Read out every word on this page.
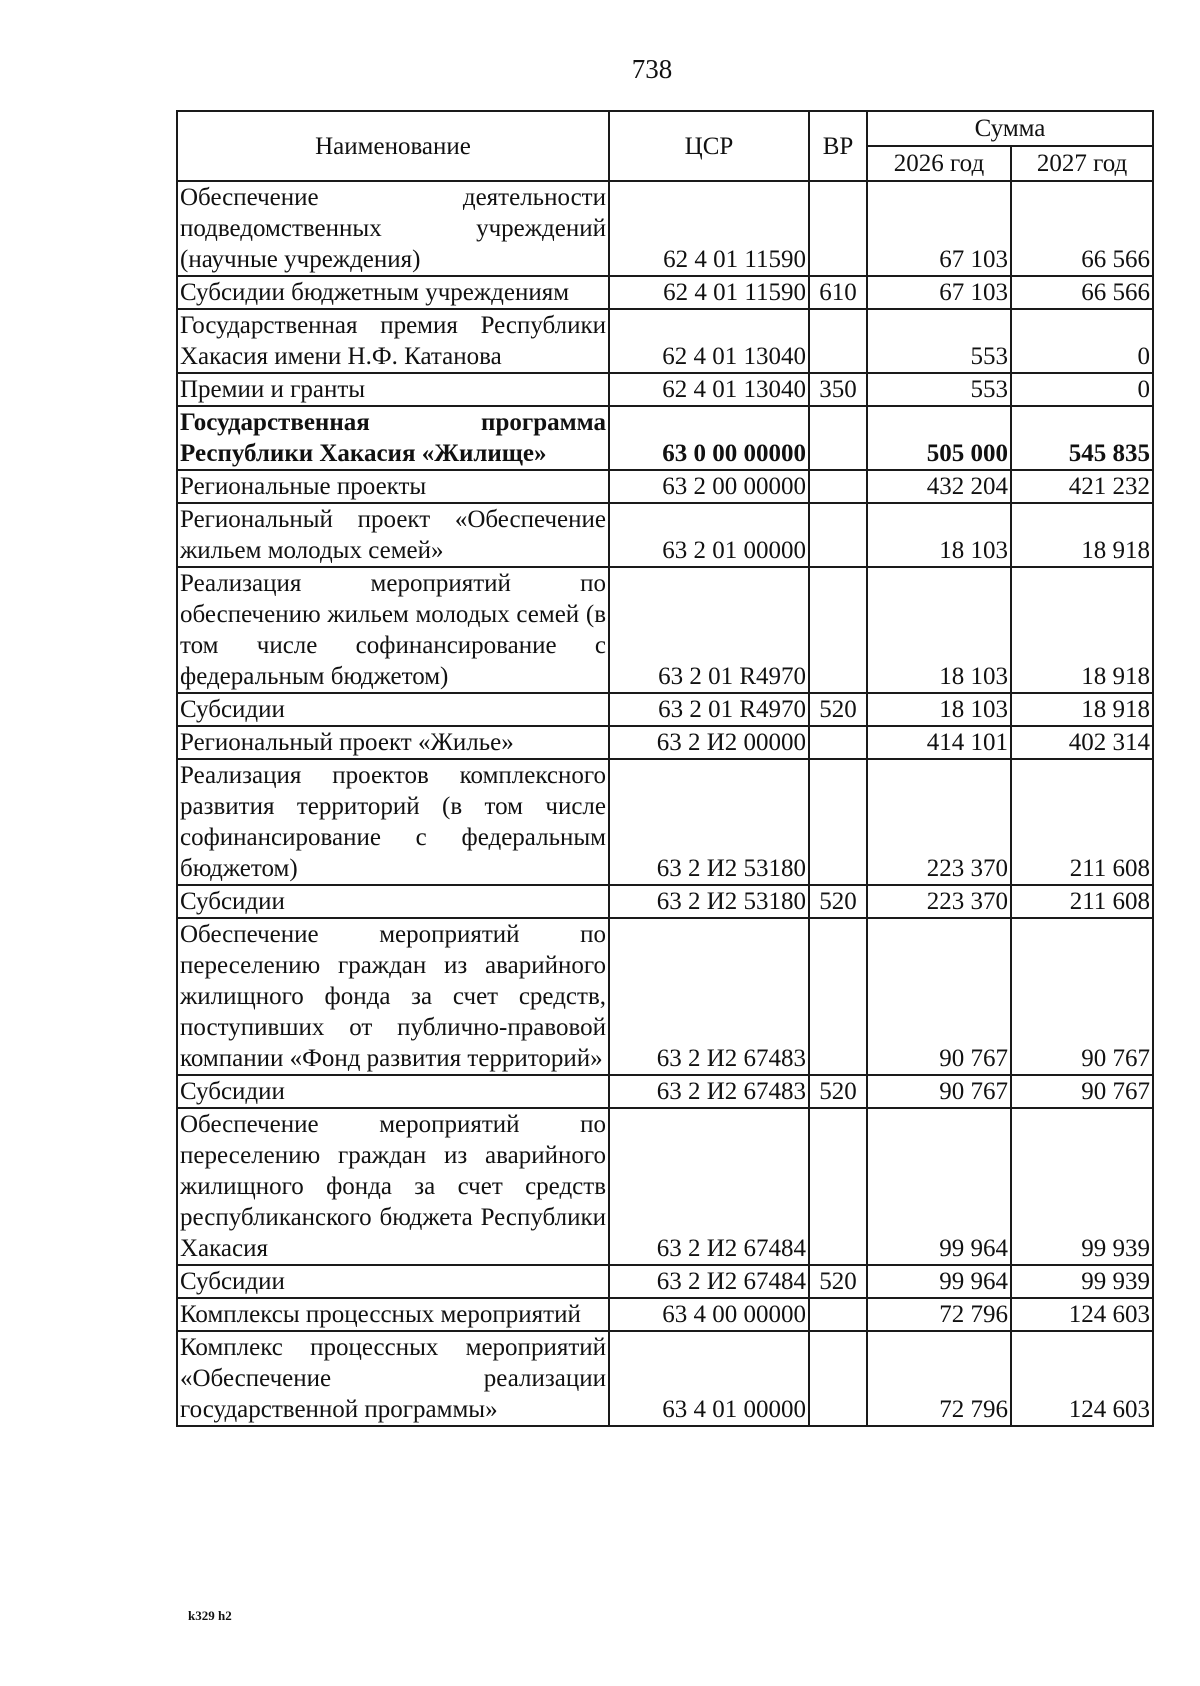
738
Наименование	ЦСР	ВР	Сумма	
			2026 год	2027 год
Обеспечение деятельности подведомственных учреждений (научные учреждения)	62 4 01 11590		67 103	66 566
Субсидии бюджетным учреждениям	62 4 01 11590	610	67 103	66 566
Государственная премия Республики Хакасия имени Н.Ф. Катанова	62 4 01 13040		553	0
Премии и гранты	62 4 01 13040	350	553	0
Государственная программа Республики Хакасия «Жилище»	63 0 00 00000		505 000	545 835
Региональные проекты	63 2 00 00000		432 204	421 232
Региональный проект «Обеспечение жильем молодых семей»	63 2 01 00000		18 103	18 918
Реализация мероприятий по обеспечению жильем молодых семей (в том числе софинансирование с федеральным бюджетом)	63 2 01 R4970		18 103	18 918
Субсидии	63 2 01 R4970	520	18 103	18 918
Региональный проект «Жилье»	63 2 И2 00000		414 101	402 314
Реализация проектов комплексного развития территорий (в том числе софинансирование с федеральным бюджетом)	63 2 И2 53180		223 370	211 608
Субсидии	63 2 И2 53180	520	223 370	211 608
Обеспечение мероприятий по переселению граждан из аварийного жилищного фонда за счет средств, поступивших от публично-правовой компании «Фонд развития территорий»	63 2 И2 67483		90 767	90 767
Субсидии	63 2 И2 67483	520	90 767	90 767
Обеспечение мероприятий по переселению граждан из аварийного жилищного фонда за счет средств республиканского бюджета Республики Хакасия	63 2 И2 67484		99 964	99 939
Субсидии	63 2 И2 67484	520	99 964	99 939
Комплексы процессных мероприятий	63 4 00 00000		72 796	124 603
Комплекс процессных мероприятий «Обеспечение реализации государственной программы»	63 4 01 00000		72 796	124 603
k329 h2
